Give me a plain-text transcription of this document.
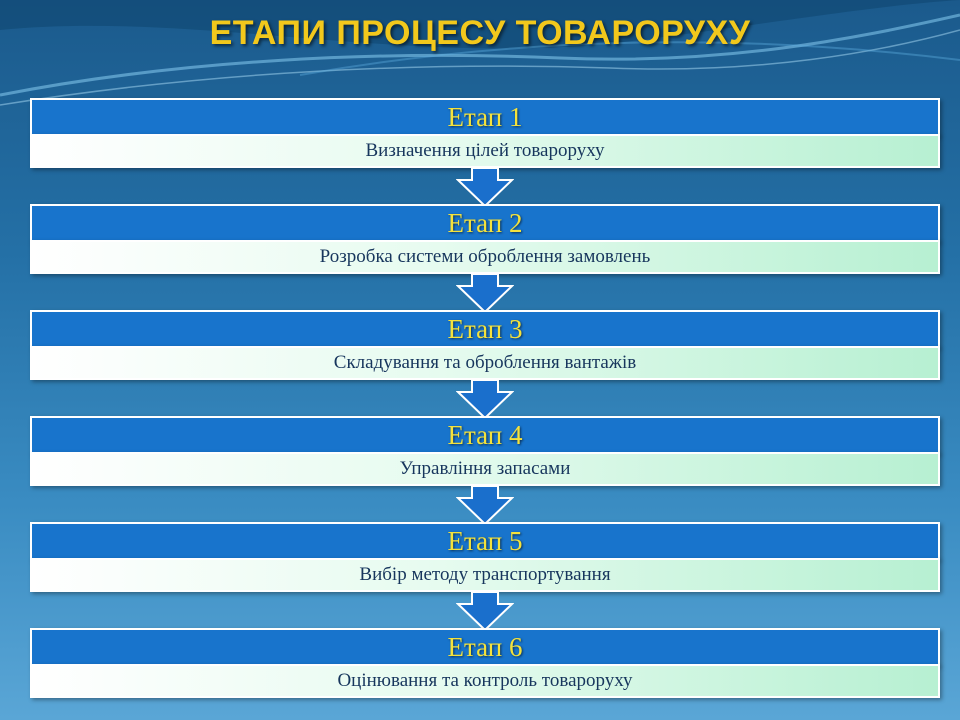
ЕТАПИ ПРОЦЕСУ ТОВАРОРУХУ
Етап 1
Визначення цілей товароруху
Етап 2
Розробка системи оброблення замовлень
Етап 3
Складування та оброблення вантажів
Етап 4
Управління запасами
Етап 5
Вибір методу транспортування
Етап 6
Оцінювання та контроль товароруху
